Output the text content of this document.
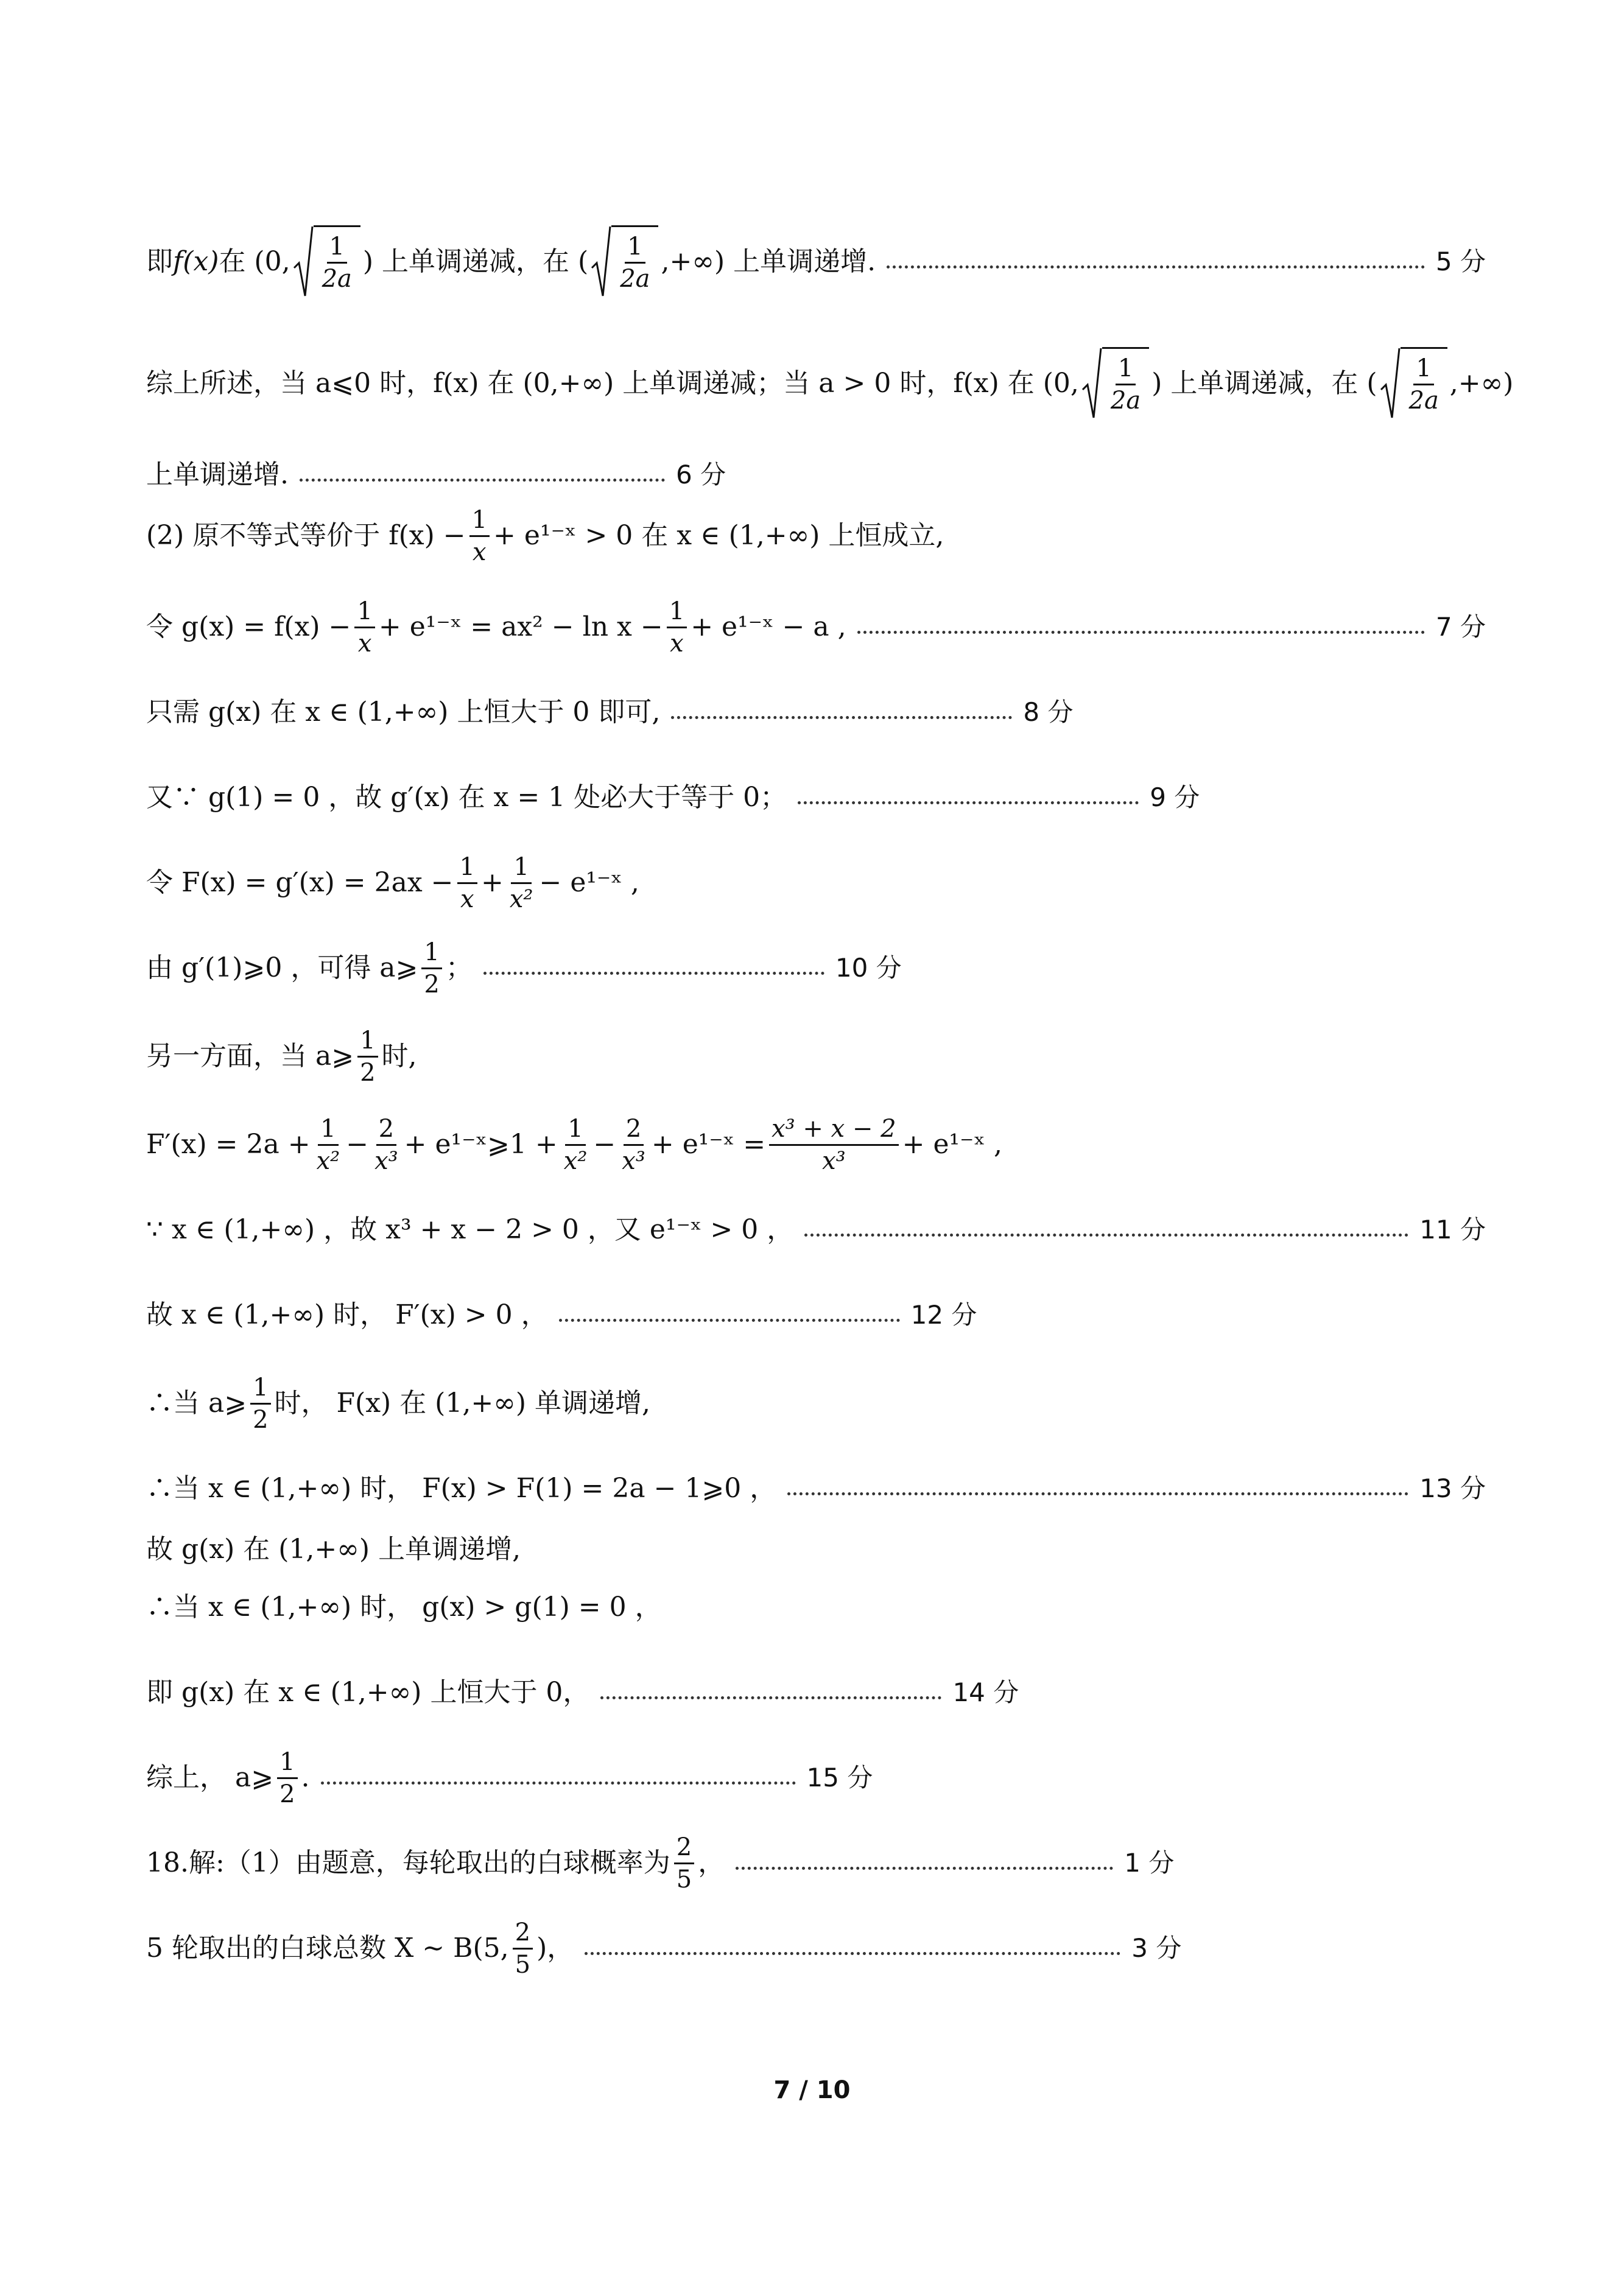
即 f(x) 在 (0, $\frac{1}{2a}$ ) 上单调递减，在 ( $\frac{1}{2a}$ ,+∞) 上单调递增.	5 分
综上所述，当 a⩽0 时，f(x) 在 (0,+∞) 上单调递减；当 a > 0 时，f(x) 在 (0, $\frac{1}{2a}$ ) 上单调递减，在 ( $\frac{1}{2a}$ ,+∞)
上单调递增.	6 分
(2) 原不等式等价于 $f(x) - \frac{1}{x}$ + e¹⁻ˣ > 0 在 x ∈ (1,+∞) 上恒成立,
令 $g(x) = f(x) - \frac{1}{x}$ + e¹⁻ˣ = $ax^2 - \ln x - \frac{1}{x}$ + e¹⁻ˣ − a ,	7 分
只需 g(x) 在 x ∈ (1,+∞) 上恒大于 0 即可,	8 分
又∵ g(1) = 0 ，故 g′(x) 在 x = 1 处必大于等于 0；	9 分
令 $F(x) = g'(x) = 2ax - \frac{1}{x} + \frac{1}{\text{x²}}$ − e¹⁻ˣ ,
由 g′(1)⩾0 ，可得 a⩾ $\frac{1}{2}$ ；	10 分
另一方面，当 a⩾ $\frac{1}{2}$ 时,
$F'(x) = 2a + \frac{1}{\text{x²}} - \frac{2}{\text{x³}}$ + e¹⁻ˣ⩾1 + $\frac{1}{\text{x²}} - \frac{2}{\text{x³}}$ + e¹⁻ˣ = $\frac{\text{x³ + x − 2}}{\text{x³}}$ + e¹⁻ˣ ,
∵ x ∈ (1,+∞) ，故 x³ + x − 2 > 0 ，又 e¹⁻ˣ > 0 ，	11 分
故 x ∈ (1,+∞) 时， F′(x) > 0 ，	12 分
∴当 a⩾ $\frac{1}{2}$ 时， F(x) 在 (1,+∞) 单调递增,
∴当 x ∈ (1,+∞) 时， F(x) > F(1) = 2a − 1⩾0 ，	13 分
故 g(x) 在 (1,+∞) 上单调递增,
∴当 x ∈ (1,+∞) 时， g(x) > g(1) = 0 ，
即 g(x) 在 x ∈ (1,+∞) 上恒大于 0，	14 分
综上， a⩾ $\frac{1}{2}$ .	15 分
18.解:（1）由题意，每轮取出的白球概率为 $\frac{2}{5}$ ，	1 分
5 轮取出的白球总数 X ~ B(5, $\frac{2}{5}$ )，	3 分
7 / 10
